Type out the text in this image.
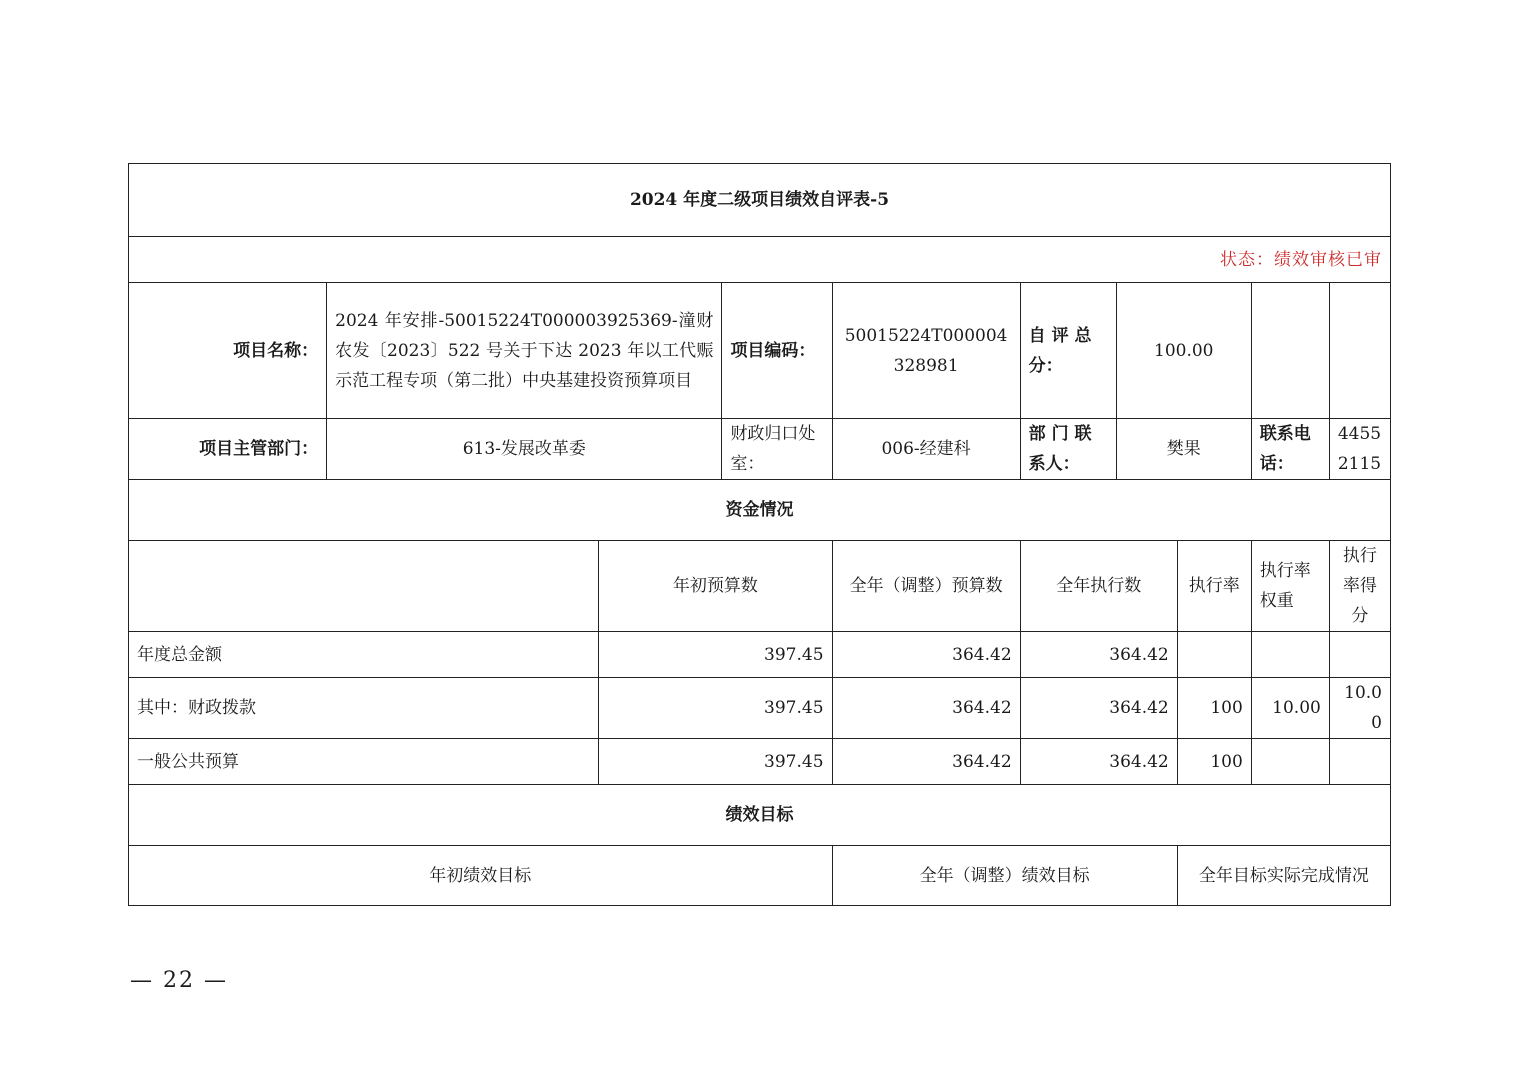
2024 年度二级项目绩效自评表-5									
状态：绩效审核已审									
项目名称：	2024 年安排-50015224T000003925369-潼财农发〔2023〕522 号关于下达 2023 年以工代赈示范工程专项（第二批）中央基建投资预算项目		项目编码：	50015224T000004328981	自 评 总分：	100.00			
项目主管部门：	613-发展改革委		财政归口处室：	006-经建科	部 门 联系人：	樊果		联系电话：	44552115
资金情况									
		年初预算数		全年（调整）预算数	全年执行数		执行率	执行率权重	执行率得分
年度总金额		397.45		364.42	364.42				
其中：财政拨款		397.45		364.42	364.42		100	10.00	10.00
一般公共预算		397.45		364.42	364.42		100		
绩效目标									
年初绩效目标				全年（调整）绩效目标			全年目标实际完成情况		
— 22 —
